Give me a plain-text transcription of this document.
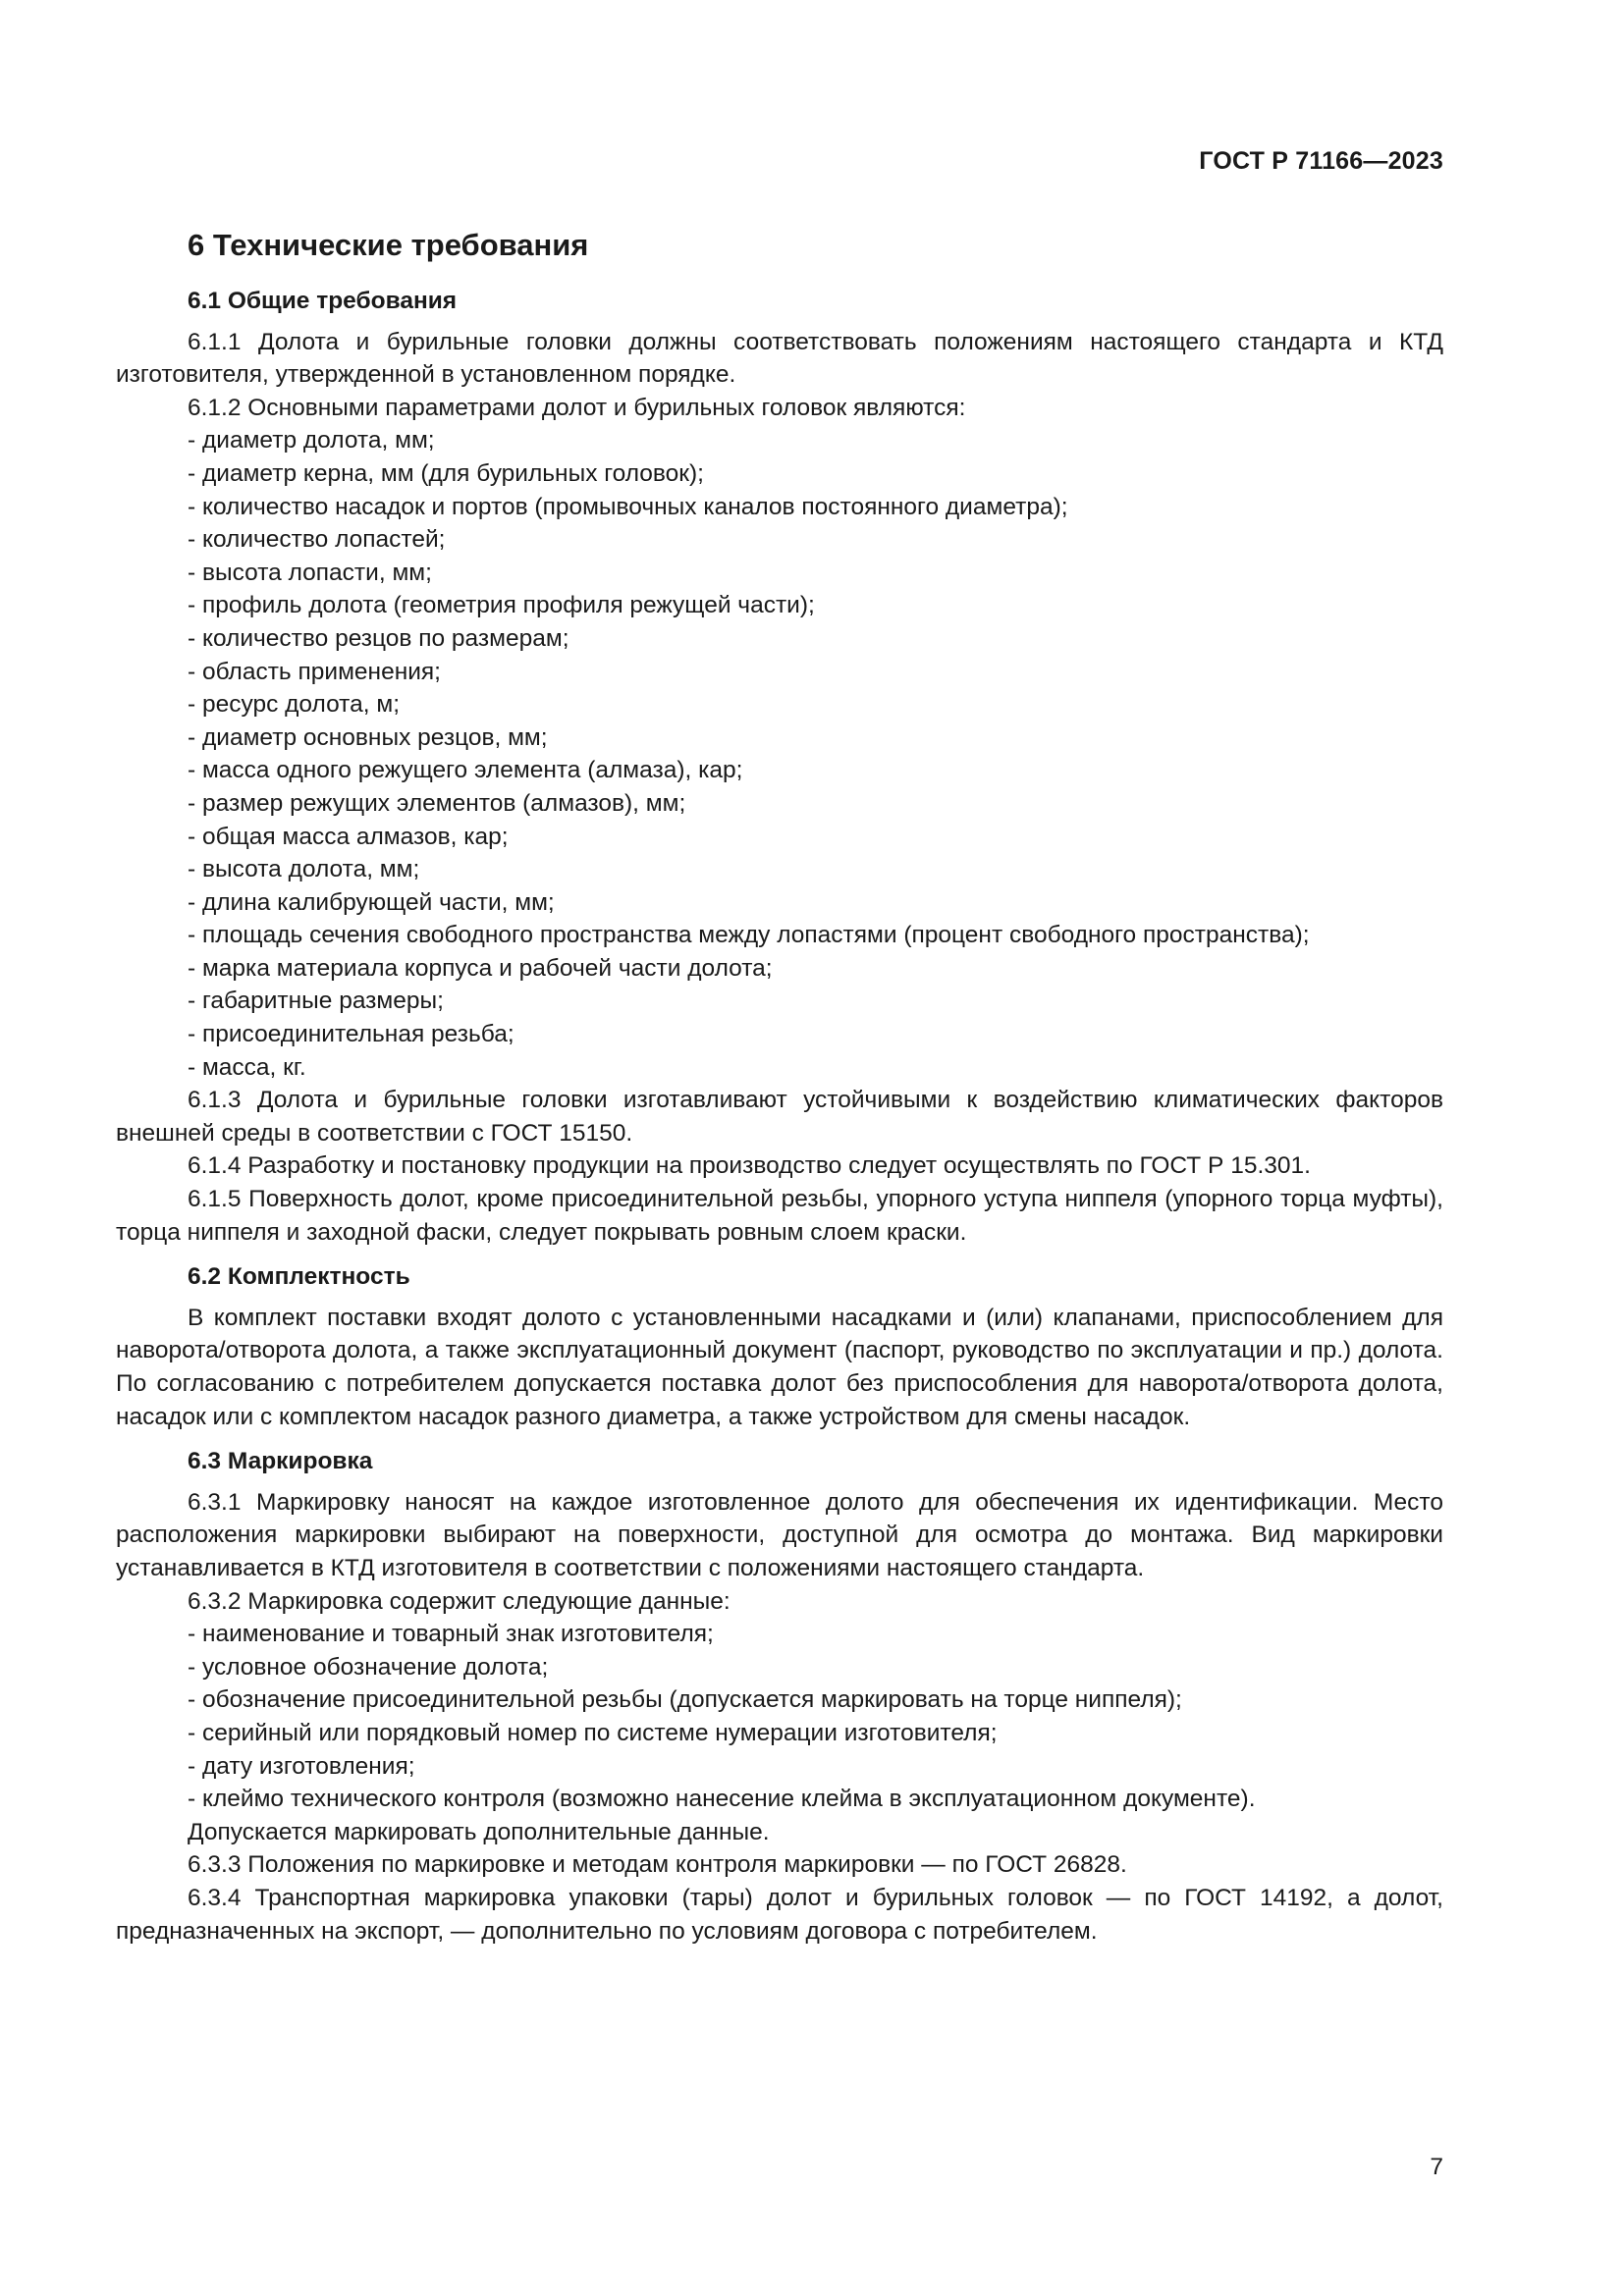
ГОСТ Р 71166—2023
6 Технические требования
6.1 Общие требования

6.1.1 Долота и бурильные головки должны соответствовать положениям настоящего стандарта и КТД изготовителя, утвержденной в установленном порядке.

6.1.2 Основными параметрами долот и бурильных головок являются:

- диаметр долота, мм;

- диаметр керна, мм (для бурильных головок);

- количество насадок и портов (промывочных каналов постоянного диаметра);

- количество лопастей;

- высота лопасти, мм;

- профиль долота (геометрия профиля режущей части);

- количество резцов по размерам;

- область применения;

- ресурс долота, м;

- диаметр основных резцов, мм;

- масса одного режущего элемента (алмаза), кар;

- размер режущих элементов (алмазов), мм;

- общая масса алмазов, кар;

- высота долота, мм;

- длина калибрующей части, мм;

- площадь сечения свободного пространства между лопастями (процент свободного пространства);

- марка материала корпуса и рабочей части долота;

- габаритные размеры;

- присоединительная резьба;

- масса, кг.

6.1.3 Долота и бурильные головки изготавливают устойчивыми к воздействию климатических факторов внешней среды в соответствии с ГОСТ 15150.

6.1.4 Разработку и постановку продукции на производство следует осуществлять по ГОСТ Р 15.301.

6.1.5 Поверхность долот, кроме присоединительной резьбы, упорного уступа ниппеля (упорного торца муфты), торца ниппеля и заходной фаски, следует покрывать ровным слоем краски.

6.2 Комплектность

В комплект поставки входят долото с установленными насадками и (или) клапанами, приспособлением для наворота/отворота долота, а также эксплуатационный документ (паспорт, руководство по эксплуатации и пр.) долота. По согласованию с потребителем допускается поставка долот без приспособления для наворота/отворота долота, насадок или с комплектом насадок разного диаметра, а также устройством для смены насадок.

6.3 Маркировка

6.3.1 Маркировку наносят на каждое изготовленное долото для обеспечения их идентификации. Место расположения маркировки выбирают на поверхности, доступной для осмотра до монтажа. Вид маркировки устанавливается в КТД изготовителя в соответствии с положениями настоящего стандарта.

6.3.2 Маркировка содержит следующие данные:

- наименование и товарный знак изготовителя;

- условное обозначение долота;

- обозначение присоединительной резьбы (допускается маркировать на торце ниппеля);

- серийный или порядковый номер по системе нумерации изготовителя;

- дату изготовления;

- клеймо технического контроля (возможно нанесение клейма в эксплуатационном документе).

Допускается маркировать дополнительные данные.

6.3.3 Положения по маркировке и методам контроля маркировки — по ГОСТ 26828.

6.3.4 Транспортная маркировка упаковки (тары) долот и бурильных головок — по ГОСТ 14192, а долот, предназначенных на экспорт, — дополнительно по условиям договора с потребителем.

7
